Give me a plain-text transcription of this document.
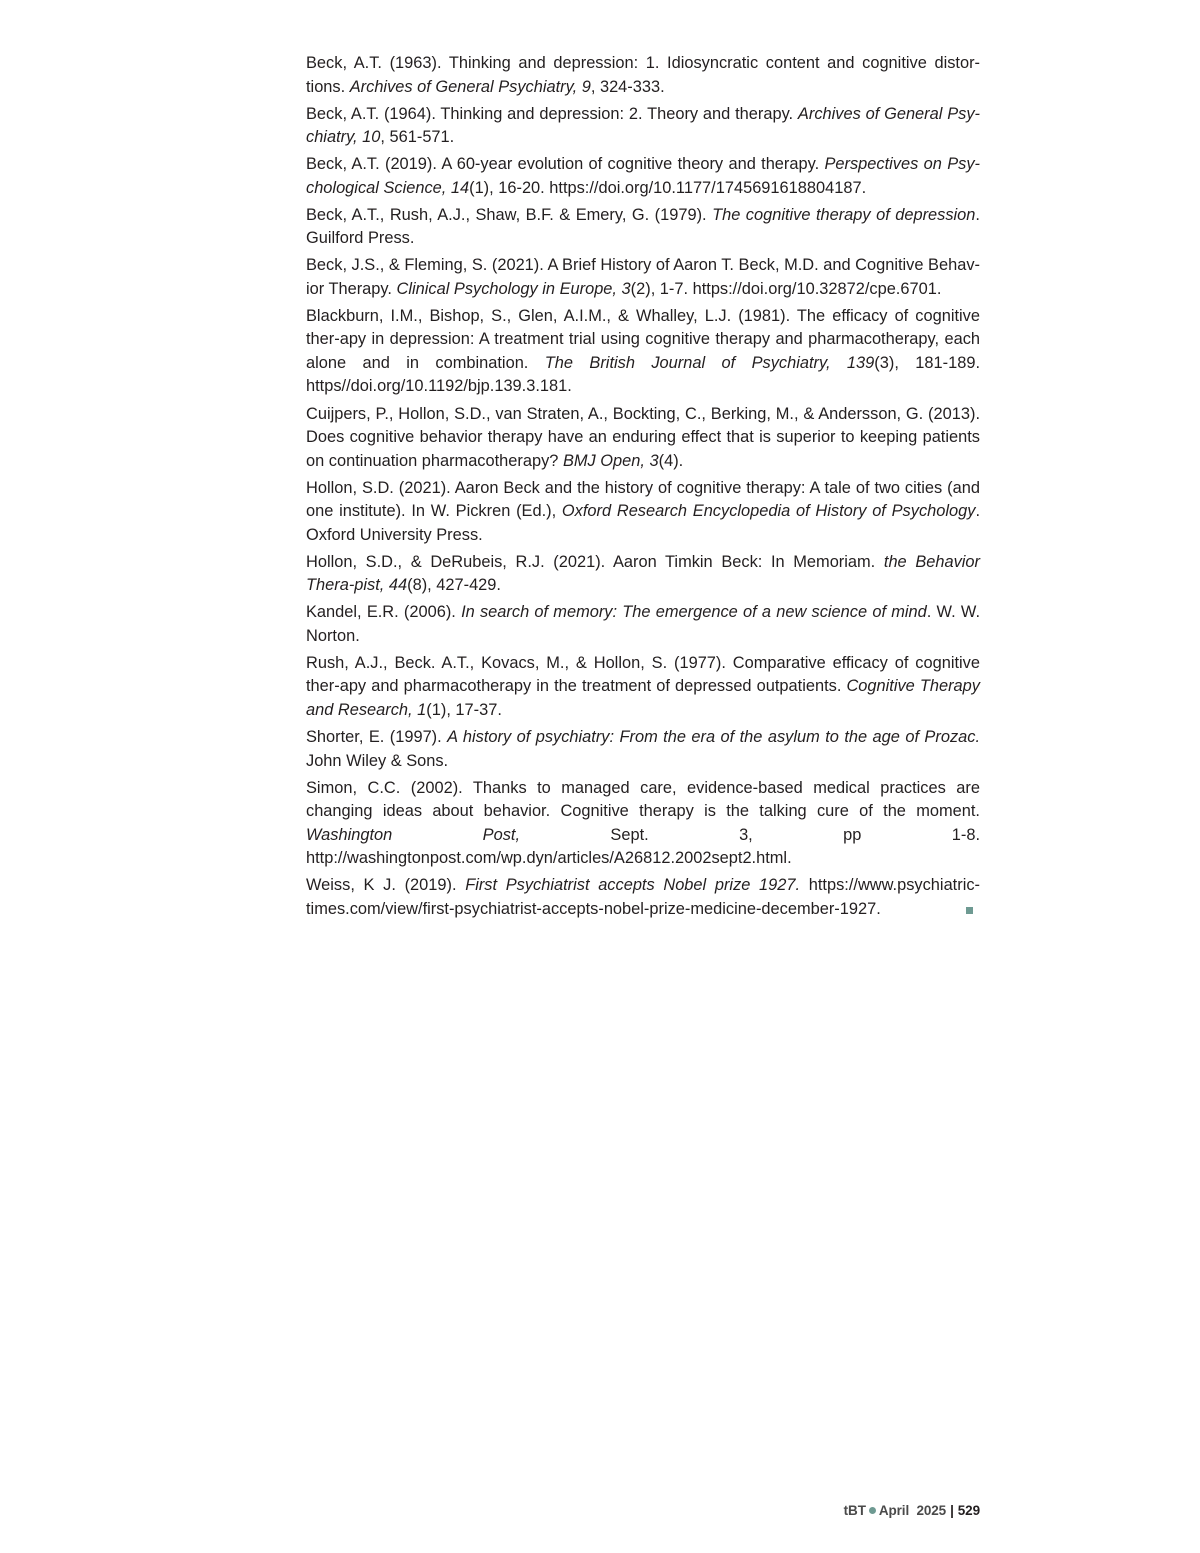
Beck, A.T. (1963). Thinking and depression: 1. Idiosyncratic content and cognitive distor-tions. Archives of General Psychiatry, 9, 324-333.

Beck, A.T. (1964). Thinking and depression: 2. Theory and therapy. Archives of General Psy-chiatry, 10, 561-571.

Beck, A.T. (2019). A 60-year evolution of cognitive theory and therapy. Perspectives on Psy-chological Science, 14(1), 16-20. https://doi.org/10.1177/1745691618804187.

Beck, A.T., Rush, A.J., Shaw, B.F. & Emery, G. (1979). The cognitive therapy of depression. Guilford Press.

Beck, J.S., & Fleming, S. (2021). A Brief History of Aaron T. Beck, M.D. and Cognitive Behav-ior Therapy. Clinical Psychology in Europe, 3(2), 1-7. https://doi.org/10.32872/cpe.6701.

Blackburn, I.M., Bishop, S., Glen, A.I.M., & Whalley, L.J. (1981). The efficacy of cognitive ther-apy in depression: A treatment trial using cognitive therapy and pharmacotherapy, each alone and in combination. The British Journal of Psychiatry, 139(3), 181-189. https//doi.org/10.1192/bjp.139.3.181.

Cuijpers, P., Hollon, S.D., van Straten, A., Bockting, C., Berking, M., & Andersson, G. (2013). Does cognitive behavior therapy have an enduring effect that is superior to keeping patients on continuation pharmacotherapy? BMJ Open, 3(4).

Hollon, S.D. (2021). Aaron Beck and the history of cognitive therapy: A tale of two cities (and one institute). In W. Pickren (Ed.), Oxford Research Encyclopedia of History of Psychology. Oxford University Press.

Hollon, S.D., & DeRubeis, R.J. (2021). Aaron Timkin Beck: In Memoriam. the Behavior Thera-pist, 44(8), 427-429.

Kandel, E.R. (2006). In search of memory: The emergence of a new science of mind. W. W. Norton.

Rush, A.J., Beck. A.T., Kovacs, M., & Hollon, S. (1977). Comparative efficacy of cognitive ther-apy and pharmacotherapy in the treatment of depressed outpatients. Cognitive Therapy and Research, 1(1), 17-37.

Shorter, E. (1997). A history of psychiatry: From the era of the asylum to the age of Prozac. John Wiley & Sons.

Simon, C.C. (2002). Thanks to managed care, evidence-based medical practices are changing ideas about behavior. Cognitive therapy is the talking cure of the moment. Washington Post, Sept. 3, pp 1-8. http://washingtonpost.com/wp.dyn/articles/A26812.2002sept2.html.

Weiss, K J. (2019). First Psychiatrist accepts Nobel prize 1927. https://www.psychiatric-times.com/view/first-psychiatrist-accepts-nobel-prize-medicine-december-1927.

tBT April 2025 | 529
